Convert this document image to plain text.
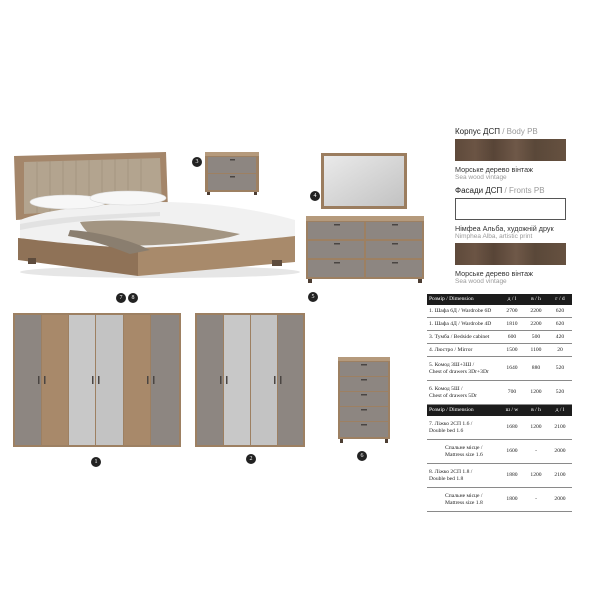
7	8
3
4
5
1	2	6
Корпус ДСП / Body PB
Морське дерево вінтаж
Sea wood vintage
Фасади ДСП / Fronts PB
Німфеа Альба, художній друк
Nimphea Alba, artistic print
Морське дерево вінтаж
Sea wood vintage
Розмір / Dimension	д / l	в / h	г / d
1. Шафа 6Д / Wardrobe 6D	2700	2200	620
1. Шафа 4Д / Wardrobe 4D	1810	2200	620
3. Тумба / Bedside cabinet	600	500	420
4. Люстро / Mirror	1500	1100	20
5. Комод 3Ш+3Ш /
Chest of drawers 3Dr+3Dr	1640	880	520
6. Комод 5Ш /
Chest of drawers 5Dr	700	1200	520
Розмір / Dimension	ш / w	в / h	д / l
7. Ліжко 2СП 1.6 /
Double bed 1.6	1680	1200	2100
Спальне місце /
Mattress size 1.6	1600	-	2000
8. Ліжко 2СП 1.8 /
Double bed 1.8	1880	1200	2100
Спальне місце /
Mattress size 1.8	1800	-	2000
